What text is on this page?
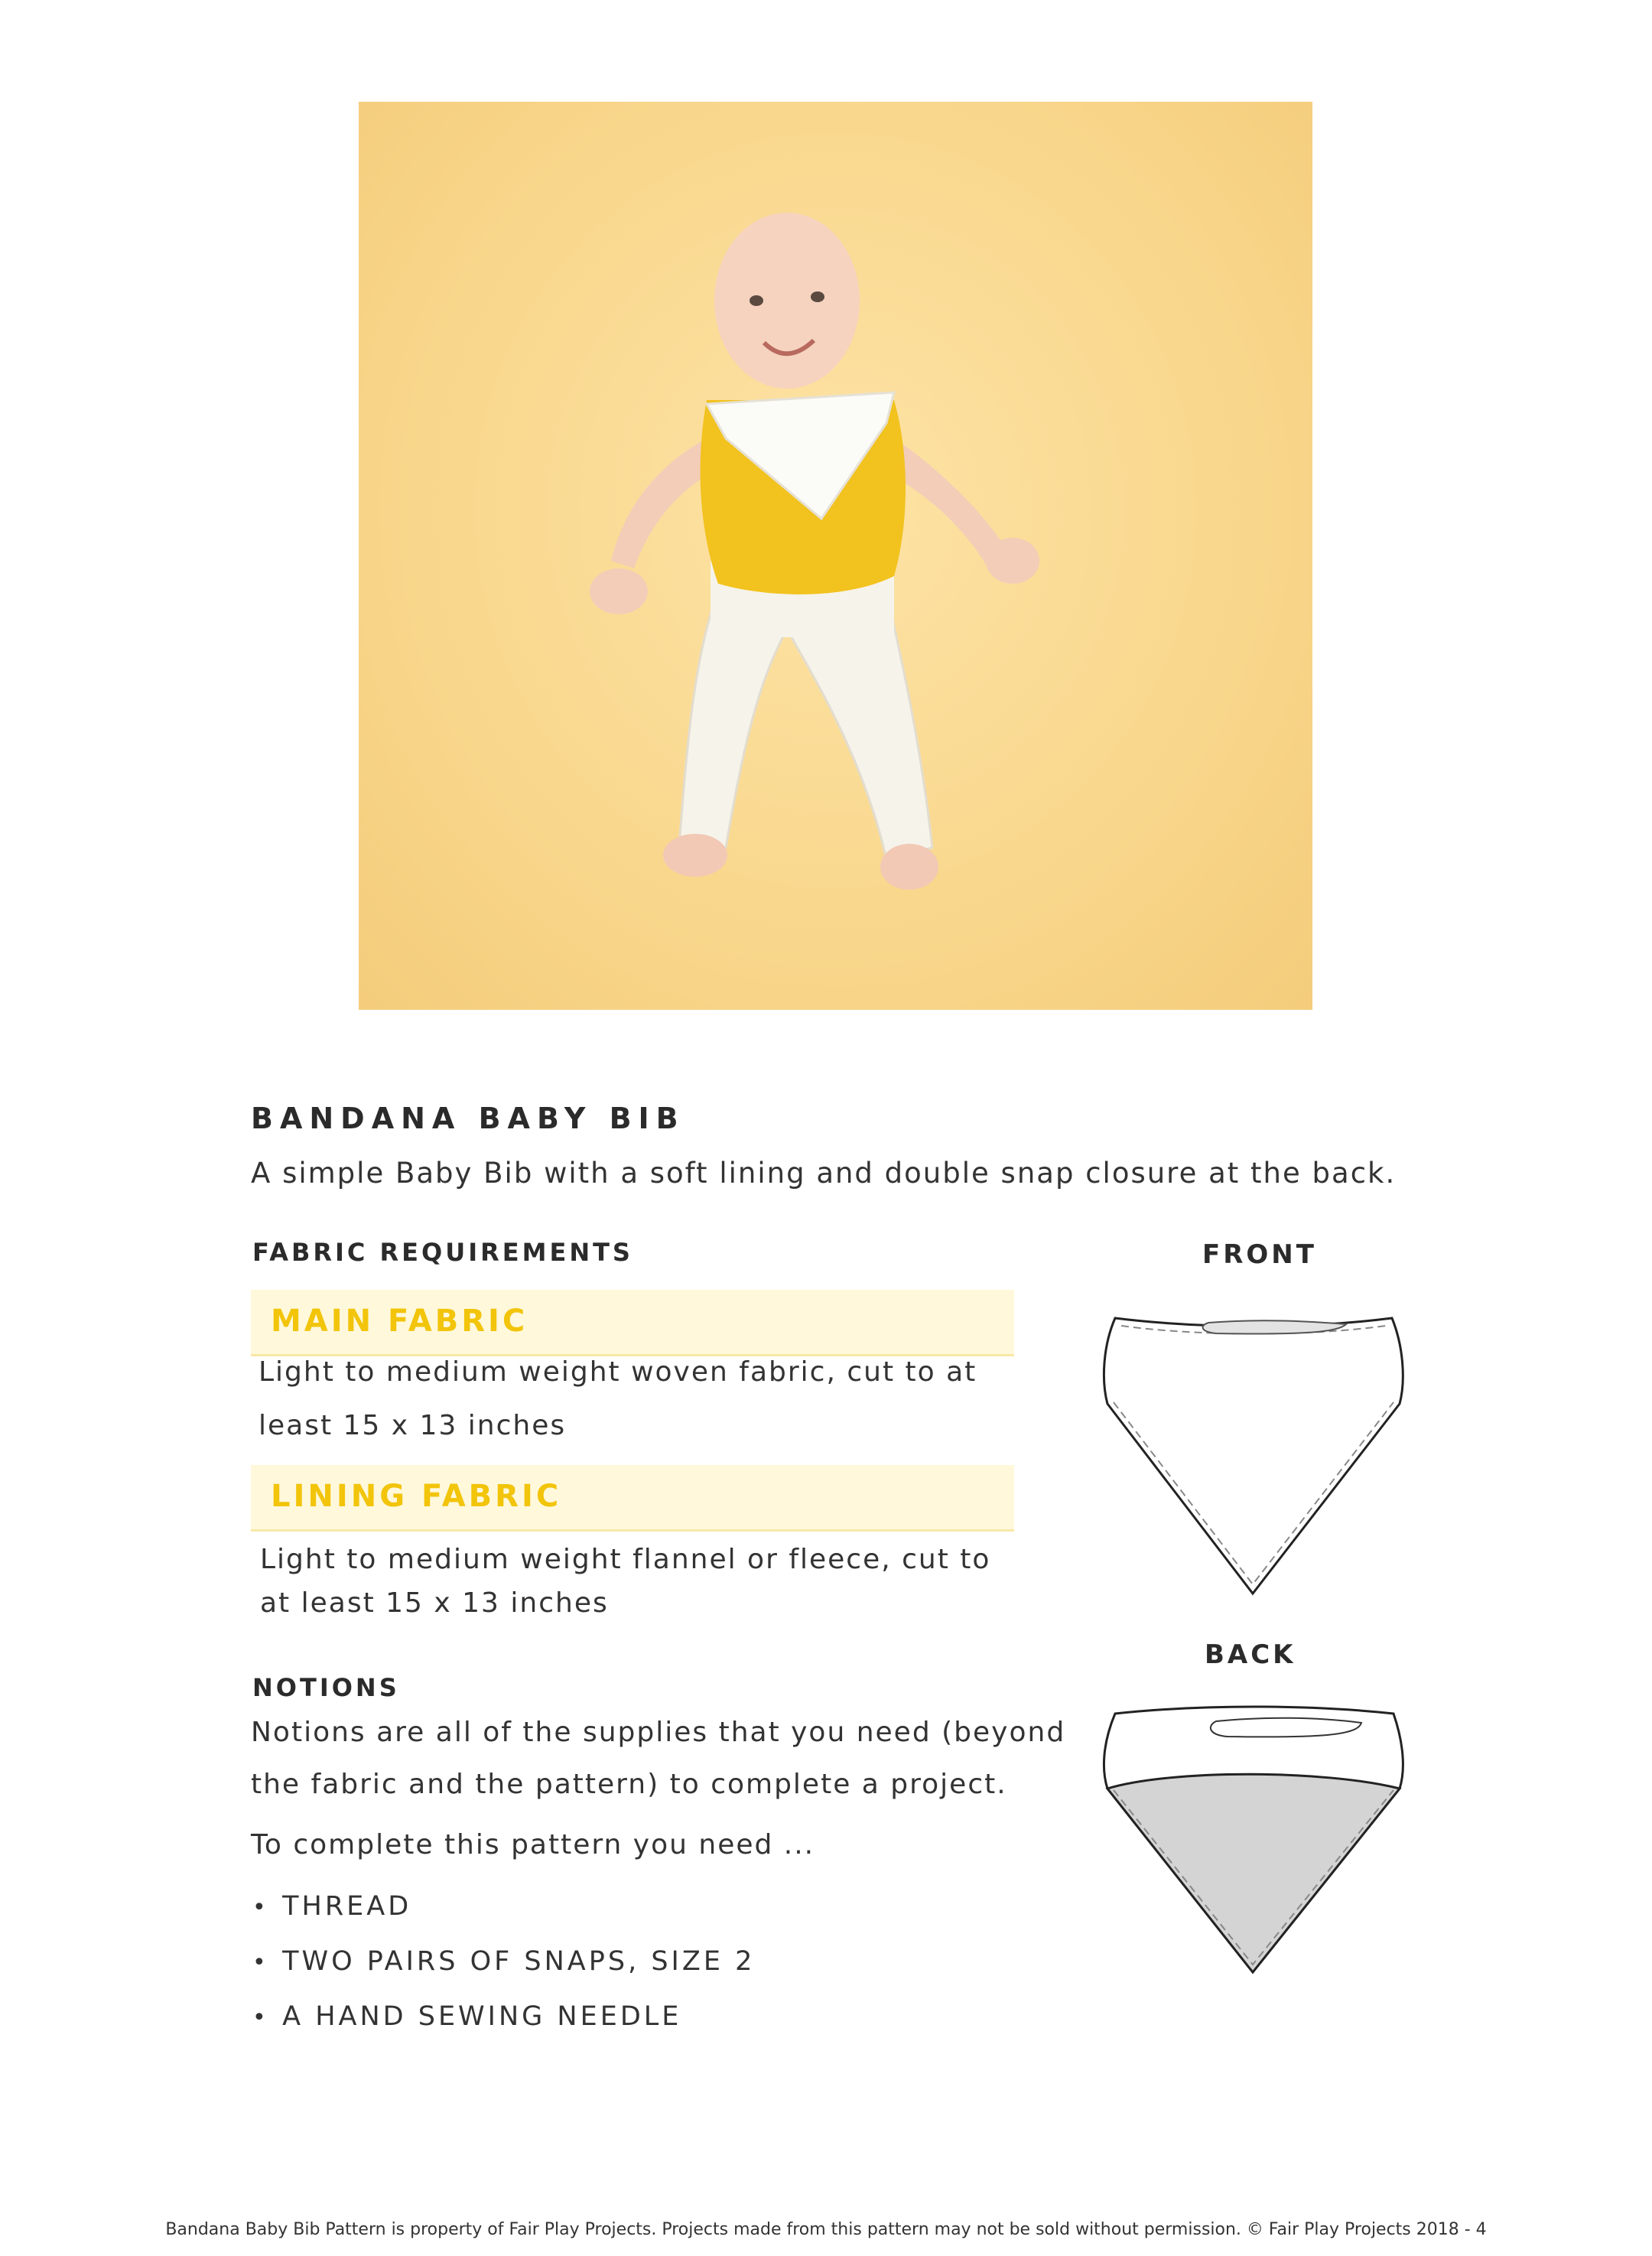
BANDANA BABY BIB
A simple Baby Bib with a soft lining and double snap closure at the back.
FABRIC REQUIREMENTS
MAIN FABRIC
Light to medium weight woven fabric, cut to at
least 15 x 13 inches
LINING FABRIC
Light to medium weight flannel or fleece, cut to
at least 15 x 13 inches
NOTIONS
Notions are all of the supplies that you need (beyond
the fabric and the pattern) to complete a project.
To complete this pattern you need ...
• THREAD
• TWO PAIRS OF SNAPS, SIZE 2
• A HAND SEWING NEEDLE
FRONT
BACK
Bandana Baby Bib Pattern is property of Fair Play Projects. Projects made from this pattern may not be sold without permission. © Fair Play Projects 2018 - 4
